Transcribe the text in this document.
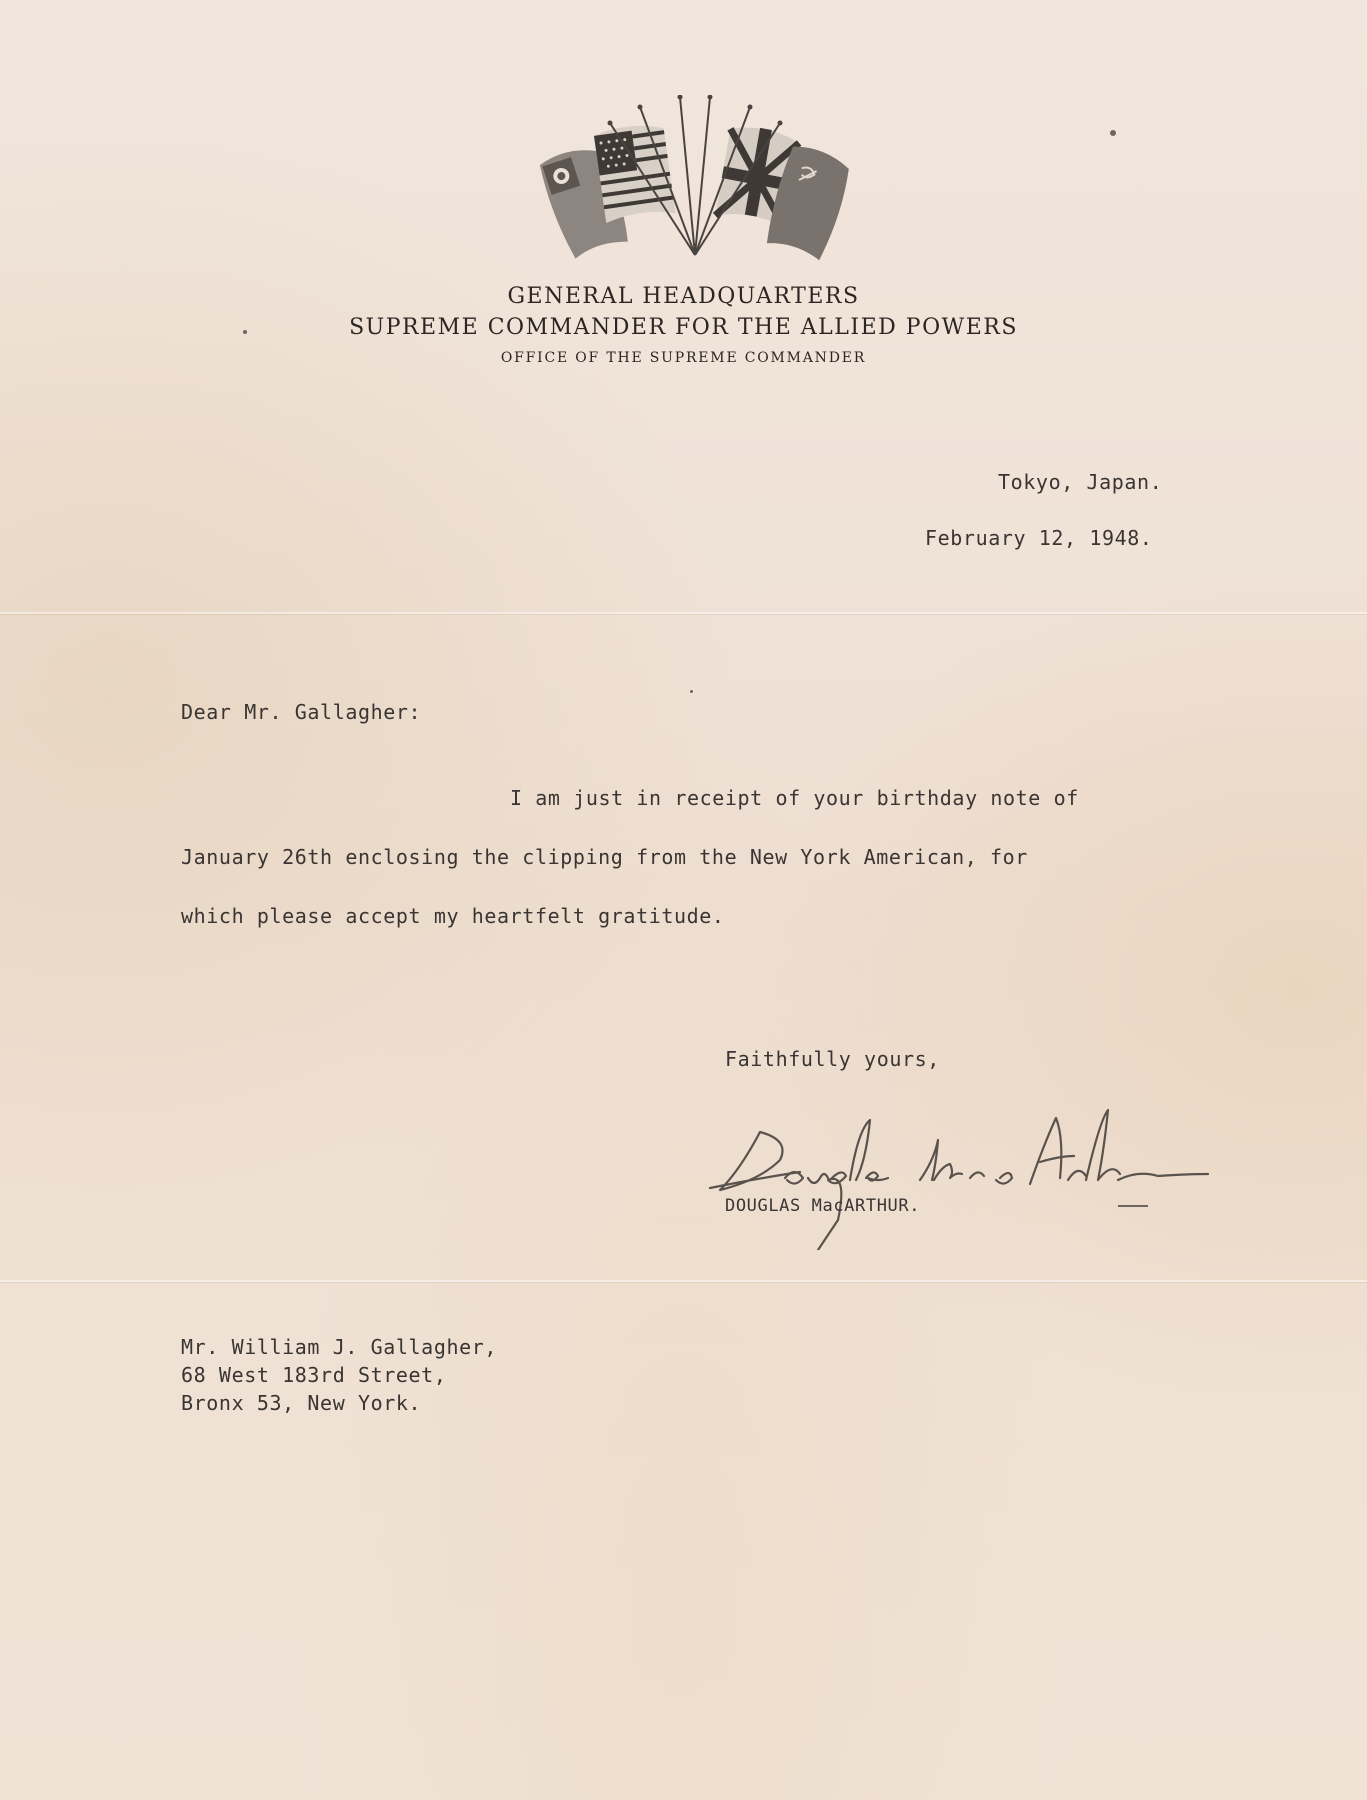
GENERAL HEADQUARTERS
SUPREME COMMANDER FOR THE ALLIED POWERS
OFFICE OF THE SUPREME COMMANDER
Tokyo, Japan.
February 12, 1948.
Dear Mr. Gallagher:
I am just in receipt of your birthday note of
January 26th enclosing the clipping from the New York American, for
which please accept my heartfelt gratitude.
Faithfully yours,
DOUGLAS MacARTHUR.
Mr. William J. Gallagher,
68 West 183rd Street,
Bronx 53, New York.
